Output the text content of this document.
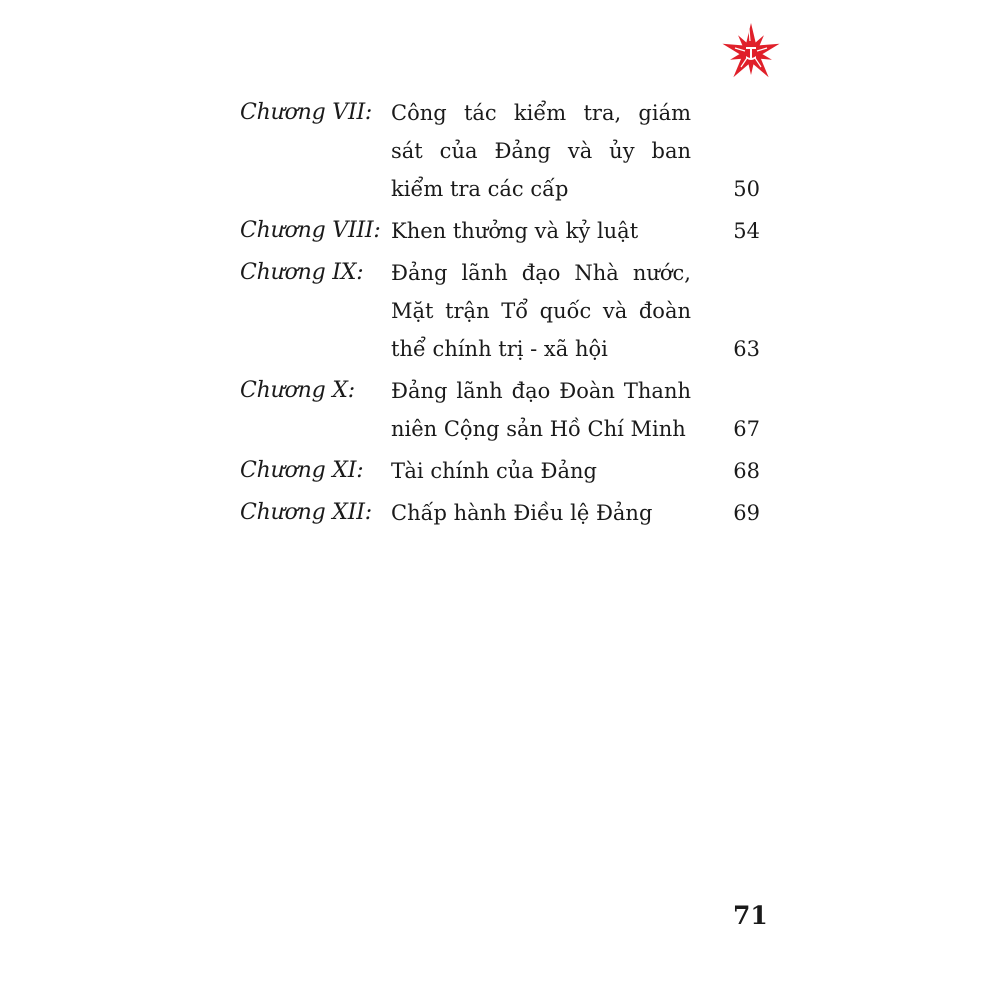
Chương VII: Công tác kiểm tra, giám
sát của Đảng và ủy ban
kiểm tra các cấp	50
Chương VIII: Khen thưởng và kỷ luật	54
Chương IX: Đảng lãnh đạo Nhà nước,
Mặt trận Tổ quốc và đoàn
thể chính trị - xã hội	63
Chương X: Đảng lãnh đạo Đoàn Thanh
niên Cộng sản Hồ Chí Minh 67
Chương XI: Tài chính của Đảng	68
Chương XII: Chấp hành Điều lệ Đảng	69
71
